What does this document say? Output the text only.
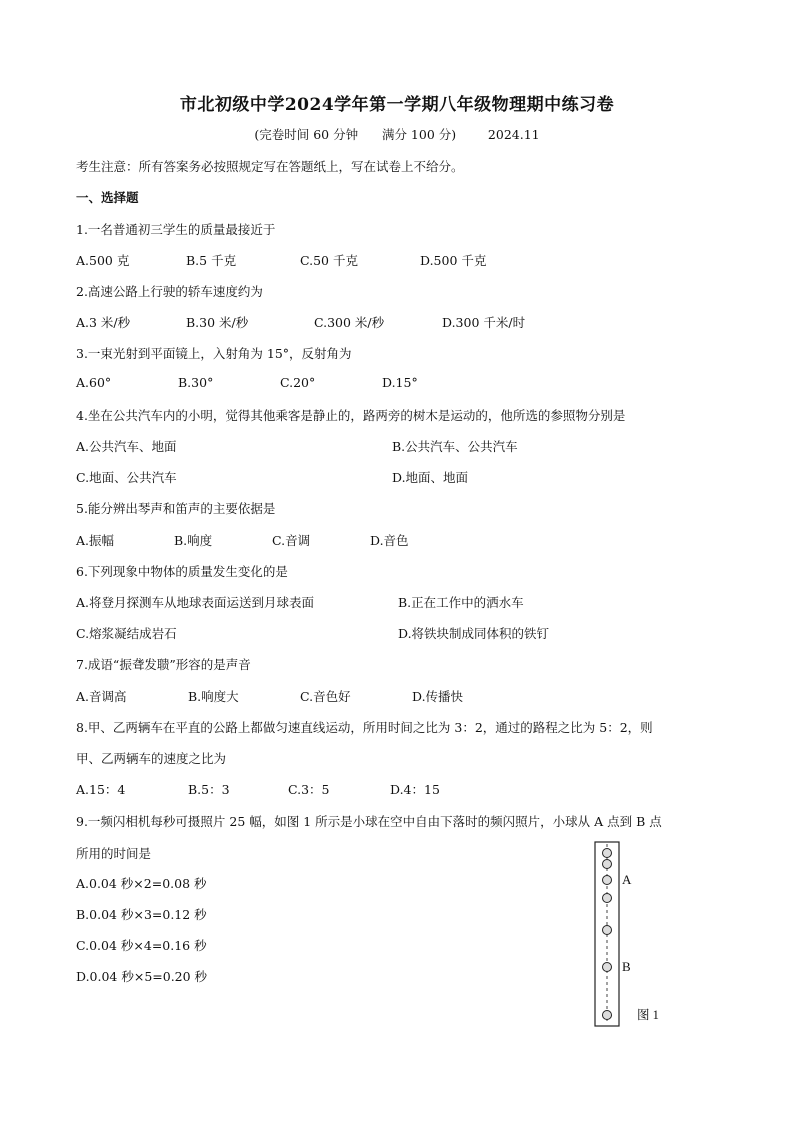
市北初级中学2024学年第一学期八年级物理期中练习卷
(完卷时间 60 分钟      满分 100 分)        2024.11
考生注意：所有答案务必按照规定写在答题纸上，写在试卷上不给分。
一、选择题
1.一名普通初三学生的质量最接近于
A.500 克	B.5 千克	C.50 千克	D.500 千克
2.高速公路上行驶的轿车速度约为
A.3 米/秒	B.30 米/秒	C.300 米/秒	D.300 千米/时
3.一束光射到平面镜上，入射角为 15°，反射角为
A.60°	B.30°	C.20°	D.15°
4.坐在公共汽车内的小明，觉得其他乘客是静止的，路两旁的树木是运动的，他所选的参照物分别是
A.公共汽车、地面	B.公共汽车、公共汽车
C.地面、公共汽车	D.地面、地面
5.能分辨出琴声和笛声的主要依据是
A.振幅	B.响度	C.音调	D.音色
6.下列现象中物体的质量发生变化的是
A.将登月探测车从地球表面运送到月球表面	B.正在工作中的洒水车
C.熔浆凝结成岩石	D.将铁块制成同体积的铁钉
7.成语“振聋发聩”形容的是声音
A.音调高	B.响度大	C.音色好	D.传播快
8.甲、乙两辆车在平直的公路上都做匀速直线运动，所用时间之比为 3：2，通过的路程之比为 5：2，则
甲、乙两辆车的速度之比为
A.15：4	B.5：3	C.3：5	D.4：15
9.一频闪相机每秒可摄照片 25 幅，如图 1 所示是小球在空中自由下落时的频闪照片，小球从 A 点到 B 点
所用的时间是
A.0.04 秒×2=0.08 秒
B.0.04 秒×3=0.12 秒
C.0.04 秒×4=0.16 秒
D.0.04 秒×5=0.20 秒
A
B
图 1
